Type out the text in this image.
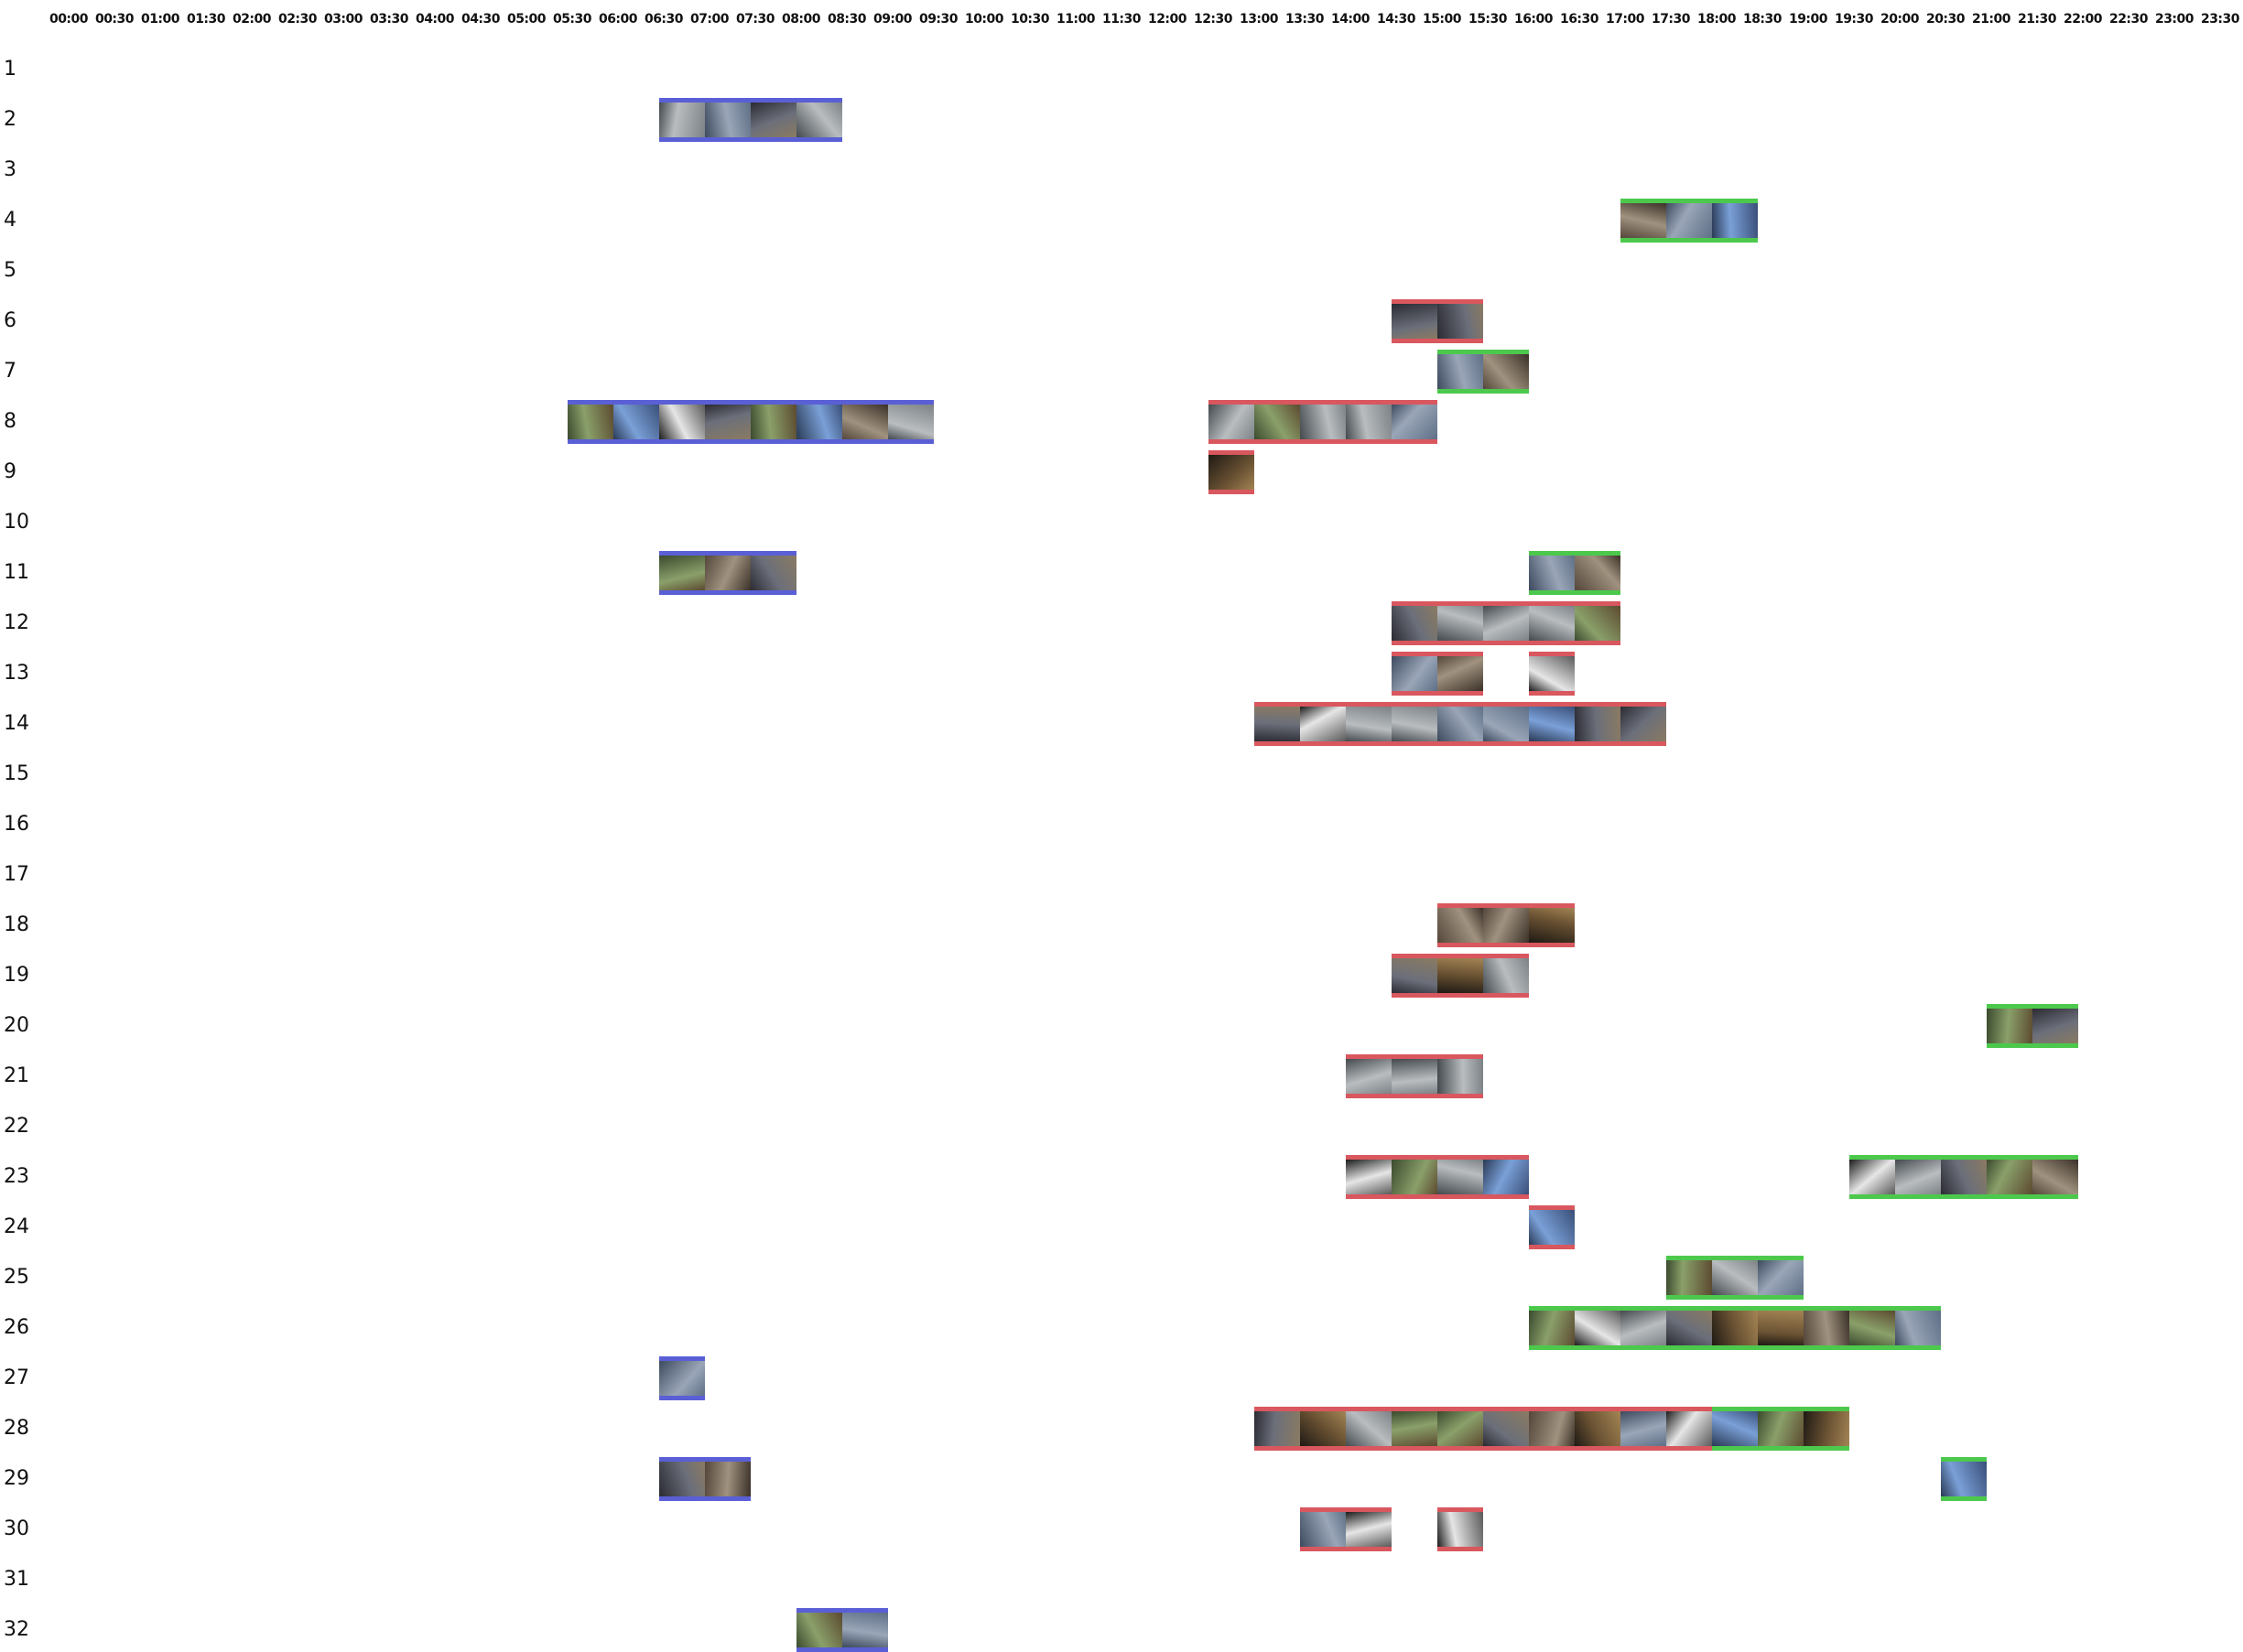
00:00 00:30 01:00 01:30 02:00 02:30 03:00 03:30 04:00 04:30 05:00 05:30 06:00 06:30 07:00 07:30 08:00 08:30 09:00 09:30 10:00 10:30 11:00 11:30 12:00 12:30 13:00 13:30 14:00 14:30 15:00 15:30 16:00 16:30 17:00 17:30 18:00 18:30 19:00 19:30 20:00 20:30 21:00 21:30 22:00 22:30 23:00 23:30
1
2
3
4
5
6
7
8
9
10
11
12
13
14
15
16
17
18
19
20
21
22
23
24
25
26
27
28
29
30
31
32
